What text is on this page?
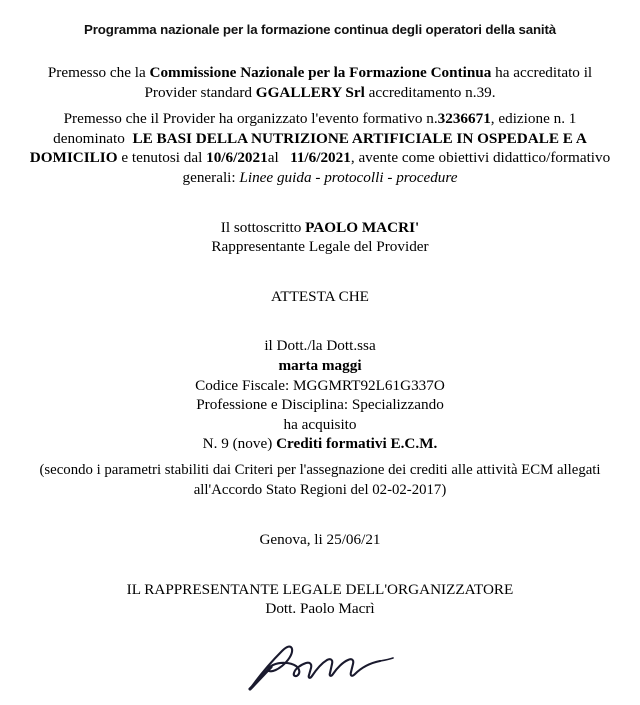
Programma nazionale per la formazione continua degli operatori della sanità
Premesso che la Commissione Nazionale per la Formazione Continua ha accreditato il Provider standard GGALLERY Srl accreditamento n.39.
Premesso che il Provider ha organizzato l'evento formativo n.3236671, edizione n. 1 denominato LE BASI DELLA NUTRIZIONE ARTIFICIALE IN OSPEDALE E A DOMICILIO e tenutosi dal 10/6/2021al 11/6/2021, avente come obiettivi didattico/formativo generali: Linee guida - protocolli - procedure
Il sottoscritto PAOLO MACRI'
Rappresentante Legale del Provider
ATTESTA CHE
il Dott./la Dott.ssa
marta maggi
Codice Fiscale: MGGMRT92L61G337O
Professione e Disciplina: Specializzando
ha acquisito
N. 9 (nove) Crediti formativi E.C.M.
(secondo i parametri stabiliti dai Criteri per l'assegnazione dei crediti alle attività ECM allegati
all'Accordo Stato Regioni del 02-02-2017)
Genova, li 25/06/21
IL RAPPRESENTANTE LEGALE DELL'ORGANIZZATORE
Dott. Paolo Macrì
